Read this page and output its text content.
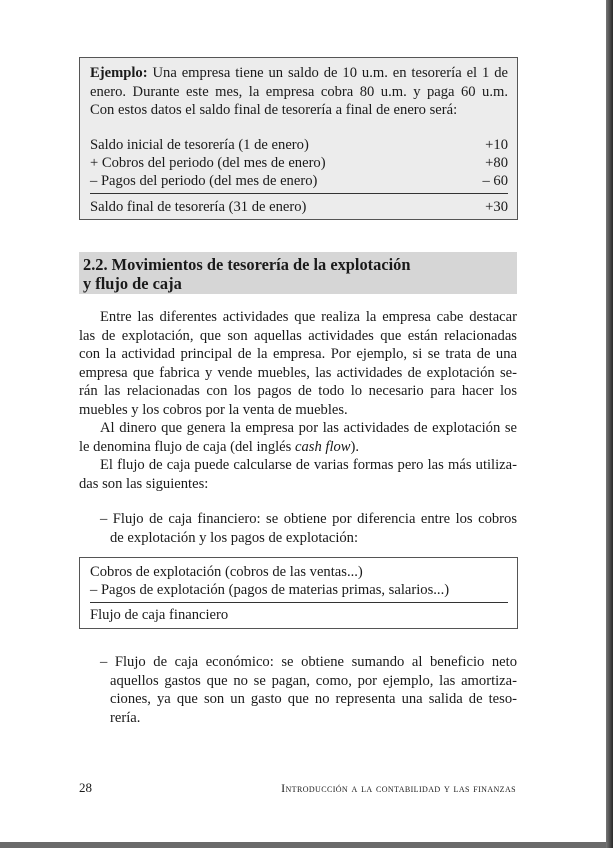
Ejemplo: Una empresa tiene un saldo de 10 u.m. en tesorería el 1 de
enero. Durante este mes, la empresa cobra 80 u.m. y paga 60 u.m.
Con estos datos el saldo final de tesorería a final de enero será:
Saldo inicial de tesorería (1 de enero)	+10
+ Cobros del periodo (del mes de enero)	+80
– Pagos del periodo (del mes de enero)	– 60
Saldo final de tesorería (31 de enero)	+30
2.2. Movimientos de tesorería de la explotación
y flujo de caja
Entre las diferentes actividades que realiza la empresa cabe destacar
las de explotación, que son aquellas actividades que están relacionadas
con la actividad principal de la empresa. Por ejemplo, si se trata de una
empresa que fabrica y vende muebles, las actividades de explotación se-
rán las relacionadas con los pagos de todo lo necesario para hacer los
muebles y los cobros por la venta de muebles.
Al dinero que genera la empresa por las actividades de explotación se
le denomina flujo de caja (del inglés cash flow).
El flujo de caja puede calcularse de varias formas pero las más utiliza-
das son las siguientes:
– Flujo de caja financiero: se obtiene por diferencia entre los cobros
de explotación y los pagos de explotación:
Cobros de explotación (cobros de las ventas...)
– Pagos de explotación (pagos de materias primas, salarios...)
Flujo de caja financiero
– Flujo de caja económico: se obtiene sumando al beneficio neto
aquellos gastos que no se pagan, como, por ejemplo, las amortiza-
ciones, ya que son un gasto que no representa una salida de teso-
rería.
28	Introducción a la contabilidad y las finanzas
